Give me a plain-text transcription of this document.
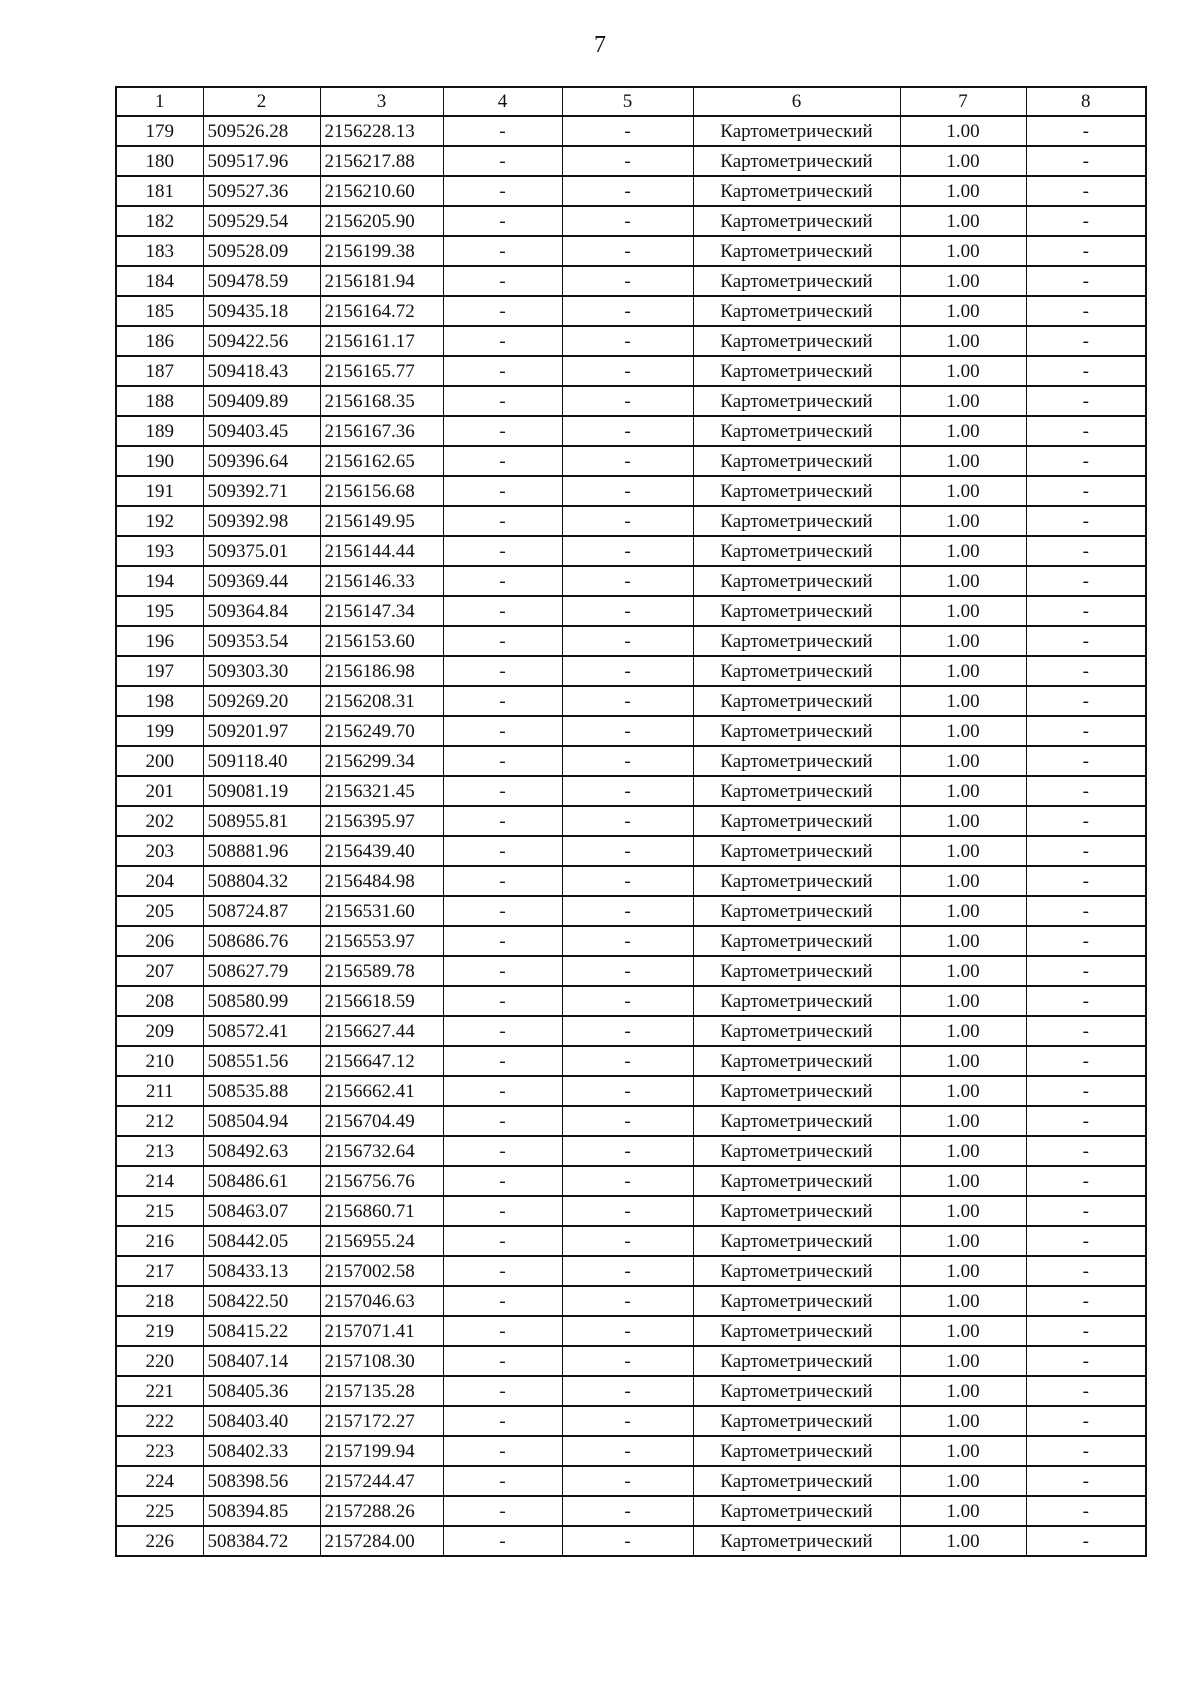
7
1	2	3	4	5	6	7	8
179	509526.28	2156228.13	-	-	Картометрический	1.00	-
180	509517.96	2156217.88	-	-	Картометрический	1.00	-
181	509527.36	2156210.60	-	-	Картометрический	1.00	-
182	509529.54	2156205.90	-	-	Картометрический	1.00	-
183	509528.09	2156199.38	-	-	Картометрический	1.00	-
184	509478.59	2156181.94	-	-	Картометрический	1.00	-
185	509435.18	2156164.72	-	-	Картометрический	1.00	-
186	509422.56	2156161.17	-	-	Картометрический	1.00	-
187	509418.43	2156165.77	-	-	Картометрический	1.00	-
188	509409.89	2156168.35	-	-	Картометрический	1.00	-
189	509403.45	2156167.36	-	-	Картометрический	1.00	-
190	509396.64	2156162.65	-	-	Картометрический	1.00	-
191	509392.71	2156156.68	-	-	Картометрический	1.00	-
192	509392.98	2156149.95	-	-	Картометрический	1.00	-
193	509375.01	2156144.44	-	-	Картометрический	1.00	-
194	509369.44	2156146.33	-	-	Картометрический	1.00	-
195	509364.84	2156147.34	-	-	Картометрический	1.00	-
196	509353.54	2156153.60	-	-	Картометрический	1.00	-
197	509303.30	2156186.98	-	-	Картометрический	1.00	-
198	509269.20	2156208.31	-	-	Картометрический	1.00	-
199	509201.97	2156249.70	-	-	Картометрический	1.00	-
200	509118.40	2156299.34	-	-	Картометрический	1.00	-
201	509081.19	2156321.45	-	-	Картометрический	1.00	-
202	508955.81	2156395.97	-	-	Картометрический	1.00	-
203	508881.96	2156439.40	-	-	Картометрический	1.00	-
204	508804.32	2156484.98	-	-	Картометрический	1.00	-
205	508724.87	2156531.60	-	-	Картометрический	1.00	-
206	508686.76	2156553.97	-	-	Картометрический	1.00	-
207	508627.79	2156589.78	-	-	Картометрический	1.00	-
208	508580.99	2156618.59	-	-	Картометрический	1.00	-
209	508572.41	2156627.44	-	-	Картометрический	1.00	-
210	508551.56	2156647.12	-	-	Картометрический	1.00	-
211	508535.88	2156662.41	-	-	Картометрический	1.00	-
212	508504.94	2156704.49	-	-	Картометрический	1.00	-
213	508492.63	2156732.64	-	-	Картометрический	1.00	-
214	508486.61	2156756.76	-	-	Картометрический	1.00	-
215	508463.07	2156860.71	-	-	Картометрический	1.00	-
216	508442.05	2156955.24	-	-	Картометрический	1.00	-
217	508433.13	2157002.58	-	-	Картометрический	1.00	-
218	508422.50	2157046.63	-	-	Картометрический	1.00	-
219	508415.22	2157071.41	-	-	Картометрический	1.00	-
220	508407.14	2157108.30	-	-	Картометрический	1.00	-
221	508405.36	2157135.28	-	-	Картометрический	1.00	-
222	508403.40	2157172.27	-	-	Картометрический	1.00	-
223	508402.33	2157199.94	-	-	Картометрический	1.00	-
224	508398.56	2157244.47	-	-	Картометрический	1.00	-
225	508394.85	2157288.26	-	-	Картометрический	1.00	-
226	508384.72	2157284.00	-	-	Картометрический	1.00	-
